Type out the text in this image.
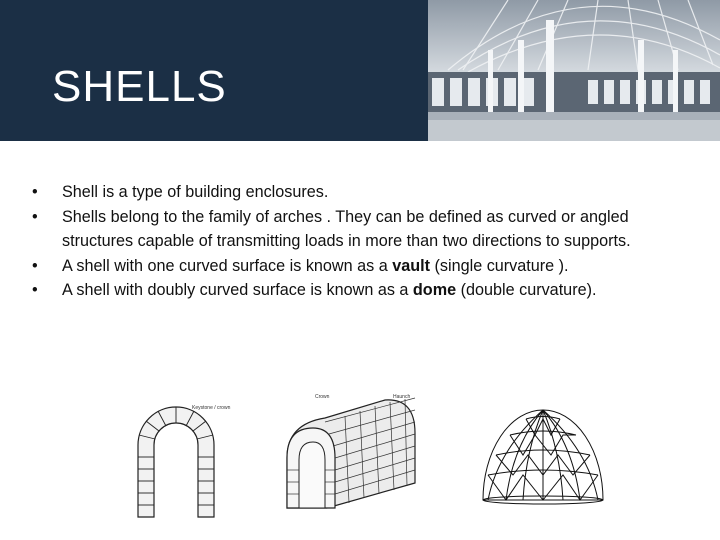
SHELLS
• Shell is a type of building enclosures.
• Shells belong to the family of arches . They can be defined as curved or angled structures capable of transmitting loads in more than two directions to supports.
• A shell with one curved surface is known as a vault (single curvature ).
• A shell with doubly curved surface is known as a dome (double curvature).
Keystone / crown
Crown	Haunch
